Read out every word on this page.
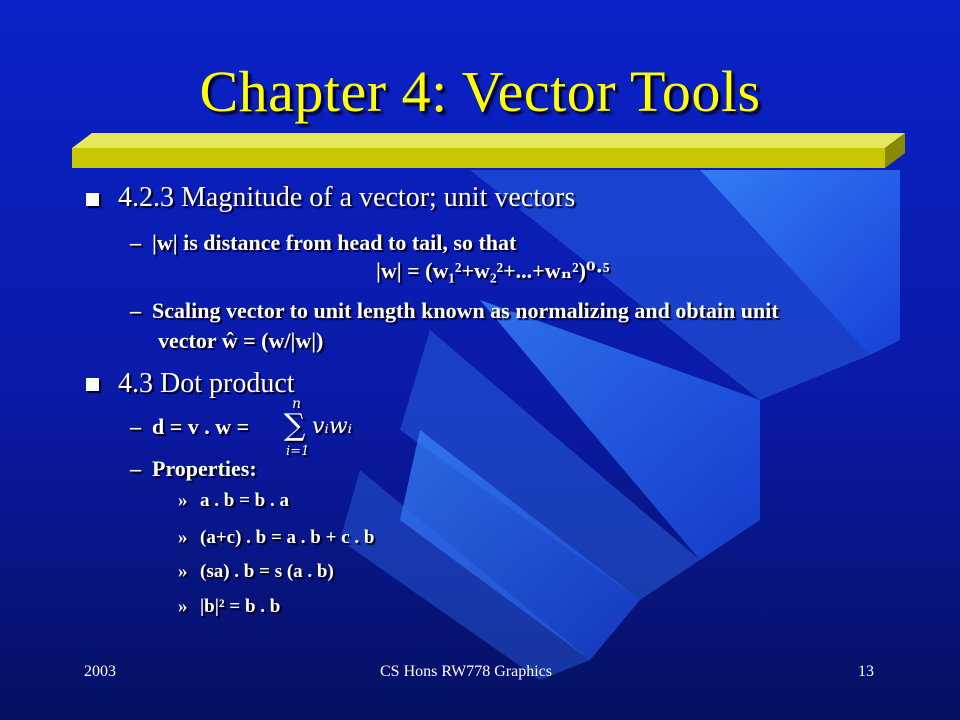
Chapter 4: Vector Tools
4.2.3 Magnitude of a vector; unit vectors
– |w| is distance from head to tail, so that
|w| = (w₁²+w₂²+...+wₙ²)⁰·⁵
– Scaling vector to unit length known as normalizing and obtain unit
vector ŵ = (w/|w|)
4.3 Dot product
– d = v . w =
n
∑
i=1
vᵢwᵢ
– Properties:
» a . b = b . a
» (a+c) . b = a . b + c . b
» (sa) . b = s (a . b)
» |b|² = b . b
2003	CS Hons RW778 Graphics	13
